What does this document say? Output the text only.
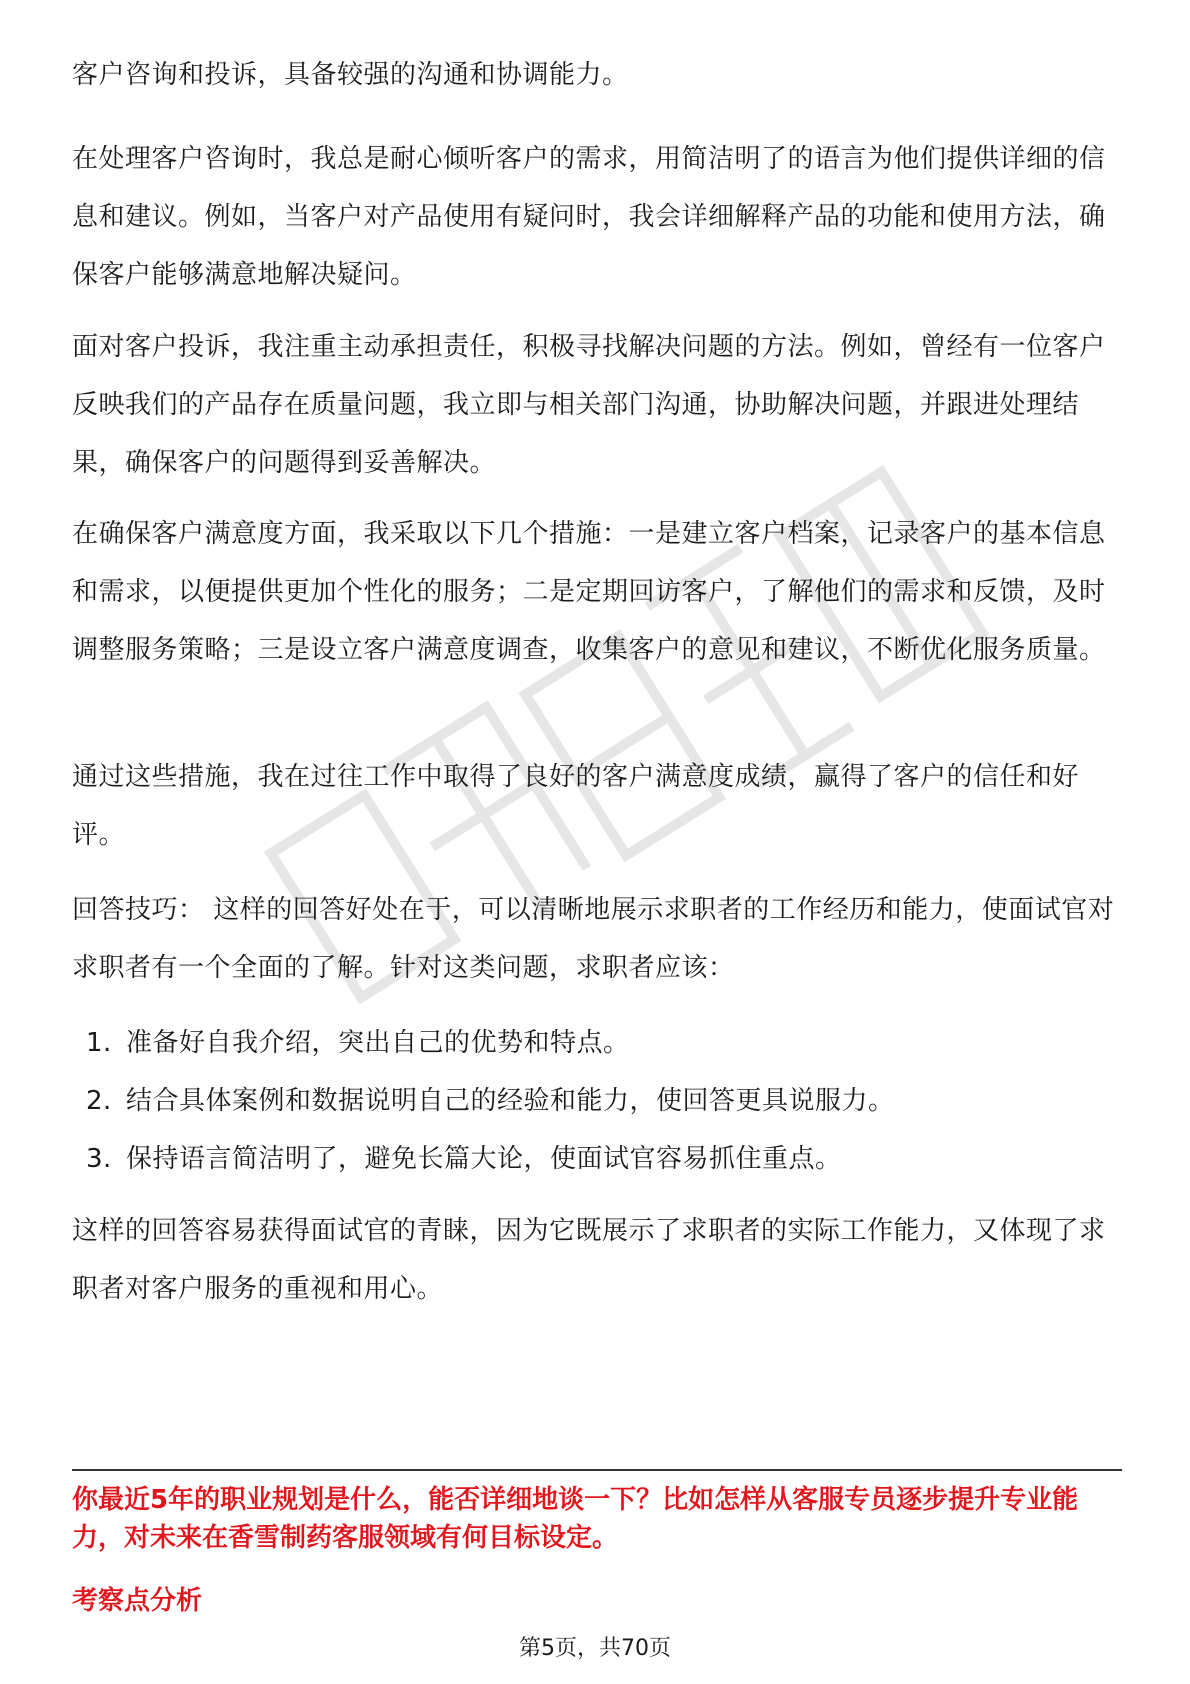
客户咨询和投诉，具备较强的沟通和协调能力。

在处理客户咨询时，我总是耐心倾听客户的需求，用简洁明了的语言为他们提供详细的信息和建议。例如，当客户对产品使用有疑问时，我会详细解释产品的功能和使用方法，确保客户能够满意地解决疑问。

面对客户投诉，我注重主动承担责任，积极寻找解决问题的方法。例如，曾经有一位客户反映我们的产品存在质量问题，我立即与相关部门沟通，协助解决问题，并跟进处理结果，确保客户的问题得到妥善解决。

在确保客户满意度方面，我采取以下几个措施：一是建立客户档案，记录客户的基本信息和需求，以便提供更加个性化的服务；二是定期回访客户，了解他们的需求和反馈，及时调整服务策略；三是设立客户满意度调查，收集客户的意见和建议，不断优化服务质量。

通过这些措施，我在过往工作中取得了良好的客户满意度成绩，赢得了客户的信任和好评。

回答技巧： 这样的回答好处在于，可以清晰地展示求职者的工作经历和能力，使面试官对求职者有一个全面的了解。针对这类问题，求职者应该：

1. 准备好自我介绍，突出自己的优势和特点。
2. 结合具体案例和数据说明自己的经验和能力，使回答更具说服力。
3. 保持语言简洁明了，避免长篇大论，使面试官容易抓住重点。

这样的回答容易获得面试官的青睐，因为它既展示了求职者的实际工作能力，又体现了求职者对客户服务的重视和用心。

你最近5年的职业规划是什么，能否详细地谈一下？比如怎样从客服专员逐步提升专业能力，对未来在香雪制药客服领域有何目标设定。

考察点分析

第5页，共70页
